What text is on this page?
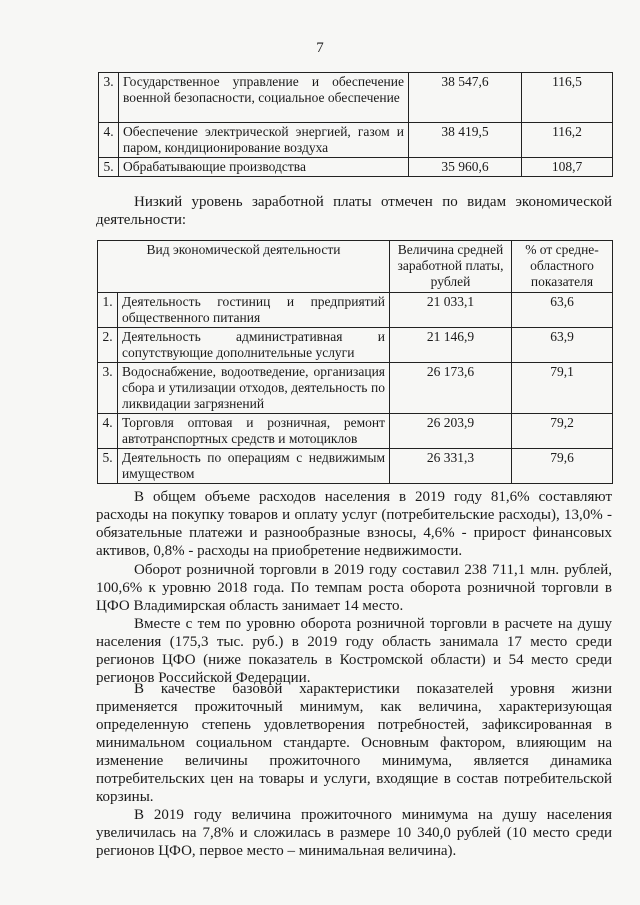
7
3.	Государственное управление и обеспечение военной безопасности, социальное обеспечение	38 547,6	116,5
4.	Обеспечение электрической энергией, газом и паром, кондиционирование воздуха	38 419,5	116,2
5.	Обрабатывающие производства	35 960,6	108,7

Низкий уровень заработной платы отмечен по видам экономической деятельности:

Вид экономической деятельности		Величина средней заработной платы, рублей	% от средне-областного показателя
1.	Деятельность гостиниц и предприятий общественного питания	21 033,1	63,6
2.	Деятельность административная и сопутствующие дополнительные услуги	21 146,9	63,9
3.	Водоснабжение, водоотведение, организация сбора и утилизации отходов, деятельность по ликвидации загрязнений	26 173,6	79,1
4.	Торговля оптовая и розничная, ремонт автотранспортных средств и мотоциклов	26 203,9	79,2
5.	Деятельность по операциям с недвижимым имуществом	26 331,3	79,6

В общем объеме расходов населения в 2019 году 81,6% составляют расходы на покупку товаров и оплату услуг (потребительские расходы), 13,0% - обязательные платежи и разнообразные взносы, 4,6% - прирост финансовых активов, 0,8% - расходы на приобретение недвижимости.

Оборот розничной торговли в 2019 году составил 238 711,1 млн. рублей, 100,6% к уровню 2018 года. По темпам роста оборота розничной торговли в ЦФО Владимирская область занимает 14 место.

Вместе с тем по уровню оборота розничной торговли в расчете на душу населения (175,3 тыс. руб.) в 2019 году область занимала 17 место среди регионов ЦФО (ниже показатель в Костромской области) и 54 место среди регионов Российской Федерации.

В качестве базовой характеристики показателей уровня жизни применяется прожиточный минимум, как величина, характеризующая определенную степень удовлетворения потребностей, зафиксированная в минимальном социальном стандарте. Основным фактором, влияющим на изменение величины прожиточного минимума, является динамика потребительских цен на товары и услуги, входящие в состав потребительской корзины.

В 2019 году величина прожиточного минимума на душу населения увеличилась на 7,8% и сложилась в размере 10 340,0 рублей (10 место среди регионов ЦФО, первое место – минимальная величина).
